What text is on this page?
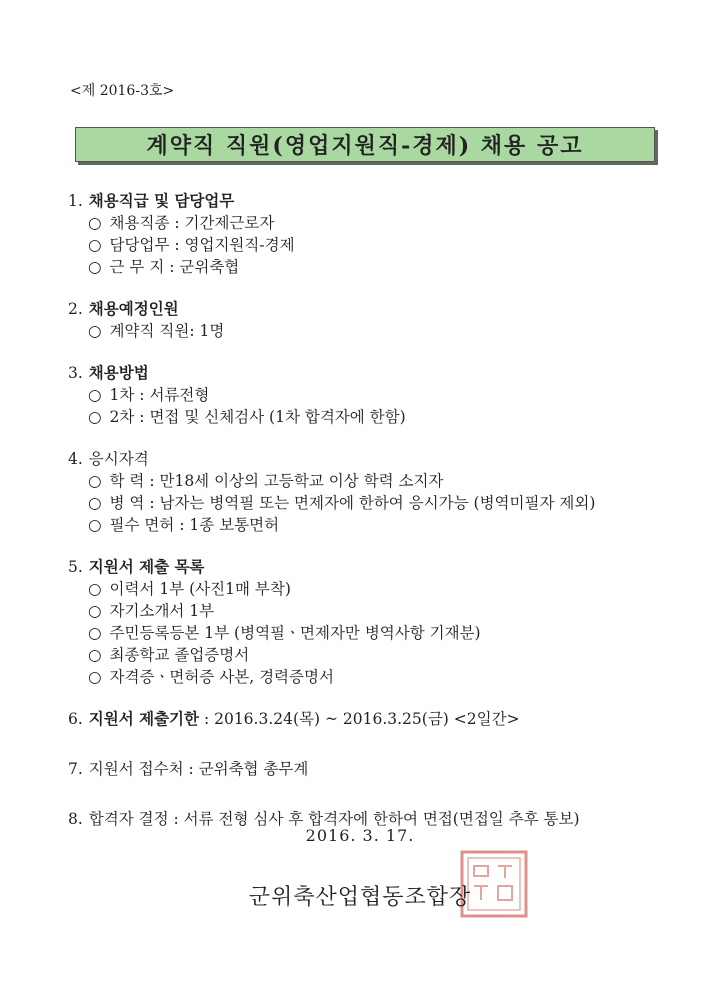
<제 2016-3호>
계약직 직원(영업지원직-경제) 채용 공고
1. 채용직급 및 담당업무
○ 채용직종 : 기간제근로자
○ 담당업무 : 영업지원직-경제
○ 근 무 지 : 군위축협
2. 채용예정인원
○ 계약직 직원: 1명
3. 채용방법
○ 1차 : 서류전형
○ 2차 : 면접 및 신체검사 (1차 합격자에 한함)
4. 응시자격
○ 학 력 : 만18세 이상의 고등학교 이상 학력 소지자
○ 병 역 : 남자는 병역필 또는 면제자에 한하여 응시가능 (병역미필자 제외)
○ 필수 면허 : 1종 보통면허
5. 지원서 제출 목록
○ 이력서 1부 (사진1매 부착)
○ 자기소개서 1부
○ 주민등록등본 1부 (병역필ㆍ면제자만 병역사항 기재분)
○ 최종학교 졸업증명서
○ 자격증ㆍ면허증 사본, 경력증명서
6. 지원서 제출기한 : 2016.3.24(목) ~ 2016.3.25(금) <2일간>
7. 지원서 접수처 : 군위축협 총무계
8. 합격자 결정 : 서류 전형 심사 후 합격자에 한하여 면접(면접일 추후 통보)
2016. 3. 17.
군위축산업협동조합장
